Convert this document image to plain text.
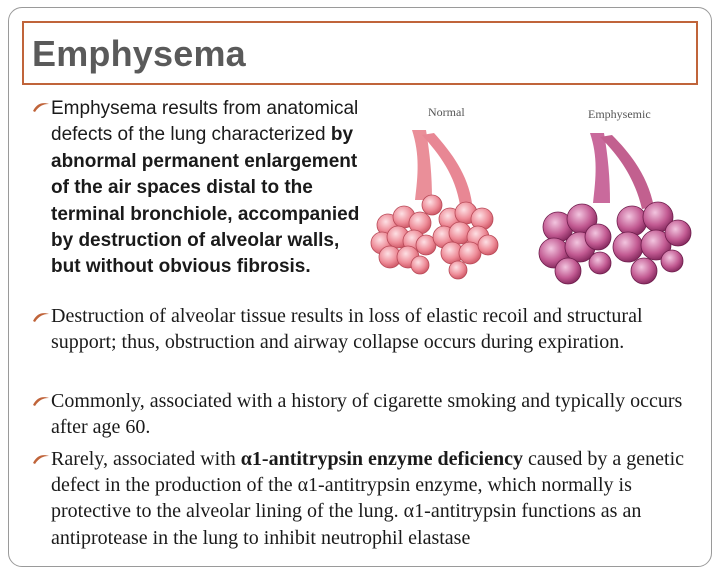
Emphysema
Emphysema results from anatomical defects of the lung characterized by abnormal permanent enlargement of the air spaces distal to the terminal bronchiole, accompanied by destruction of alveolar walls, but without obvious fibrosis.
Destruction of alveolar tissue results in loss of elastic recoil and structural support; thus, obstruction and airway collapse occurs during expiration.
Commonly, associated with a history of cigarette smoking and typically occurs after age 60.
Rarely, associated with α1-antitrypsin enzyme deficiency caused by a genetic defect in the production of the α1-antitrypsin enzyme, which normally is protective to the alveolar lining of the lung. α1-antitrypsin functions as an antiprotease in the lung to inhibit neutrophil elastase
Normal	Emphysemic
